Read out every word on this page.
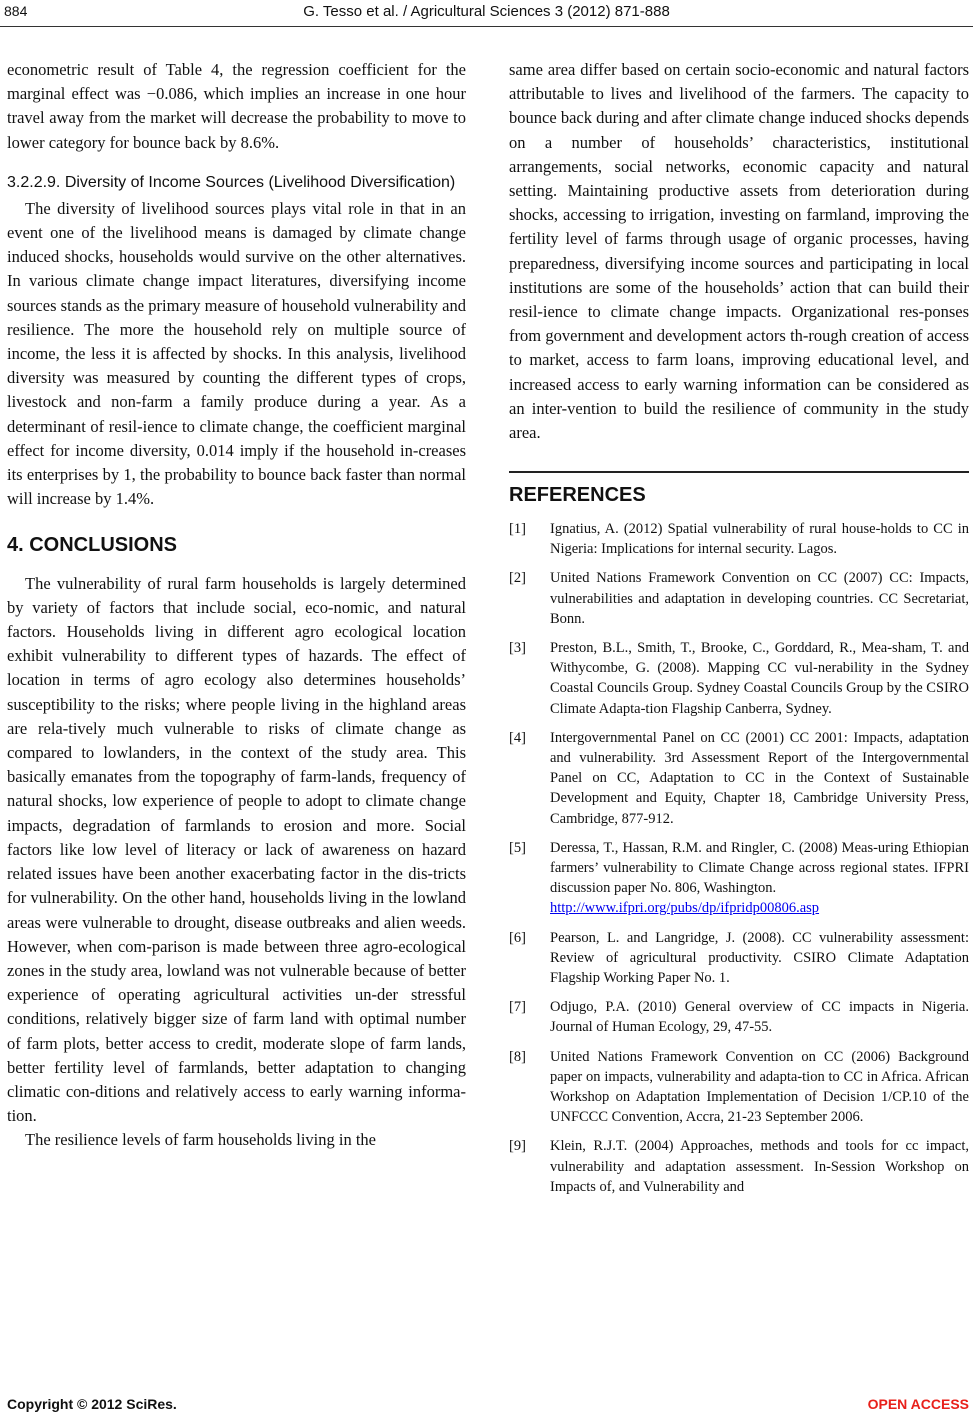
884	G. Tesso et al. / Agricultural Sciences 3 (2012) 871-888

econometric result of Table 4, the regression coefficient for the marginal effect was −0.086, which implies an increase in one hour travel away from the market will decrease the probability to move to lower category for bounce back by 8.6%.

3.2.2.9. Diversity of Income Sources (Livelihood Diversification)

The diversity of livelihood sources plays vital role in that in an event one of the livelihood means is damaged by climate change induced shocks, households would survive on the other alternatives. In various climate change impact literatures, diversifying income sources stands as the primary measure of household vulnerability and resilience. The more the household rely on multiple source of income, the less it is affected by shocks. In this analysis, livelihood diversity was measured by counting the different types of crops, livestock and non-farm a family produce during a year. As a determinant of resil-ience to climate change, the coefficient marginal effect for income diversity, 0.014 imply if the household in-creases its enterprises by 1, the probability to bounce back faster than normal will increase by 1.4%.

4. CONCLUSIONS

The vulnerability of rural farm households is largely determined by variety of factors that include social, eco-nomic, and natural factors. Households living in different agro ecological location exhibit vulnerability to different types of hazards. The effect of location in terms of agro ecology also determines households’ susceptibility to the risks; where people living in the highland areas are rela-tively much vulnerable to risks of climate change as compared to lowlanders, in the context of the study area. This basically emanates from the topography of farm-lands, frequency of natural shocks, low experience of people to adopt to climate change impacts, degradation of farmlands to erosion and more. Social factors like low level of literacy or lack of awareness on hazard related issues have been another exacerbating factor in the dis-tricts for vulnerability. On the other hand, households living in the lowland areas were vulnerable to drought, disease outbreaks and alien weeds. However, when com-parison is made between three agro-ecological zones in the study area, lowland was not vulnerable because of better experience of operating agricultural activities un-der stressful conditions, relatively bigger size of farm land with optimal number of farm plots, better access to credit, moderate slope of farm lands, better fertility level of farmlands, better adaptation to changing climatic con-ditions and relatively access to early warning informa-tion.

The resilience levels of farm households living in the

same area differ based on certain socio-economic and natural factors attributable to lives and livelihood of the farmers. The capacity to bounce back during and after climate change induced shocks depends on a number of households’ characteristics, institutional arrangements, social networks, economic capacity and natural setting. Maintaining productive assets from deterioration during shocks, accessing to irrigation, investing on farmland, improving the fertility level of farms through usage of organic processes, having preparedness, diversifying income sources and participating in local institutions are some of the households’ action that can build their resil-ience to climate change impacts. Organizational res-ponses from government and development actors th-rough creation of access to market, access to farm loans, improving educational level, and increased access to early warning information can be considered as an inter-vention to build the resilience of community in the study area.

REFERENCES
[1] Ignatius, A. (2012) Spatial vulnerability of rural house-holds to CC in Nigeria: Implications for internal security. Lagos.
[2] United Nations Framework Convention on CC (2007) CC: Impacts, vulnerabilities and adaptation in developing countries. CC Secretariat, Bonn.
[3] Preston, B.L., Smith, T., Brooke, C., Gorddard, R., Mea-sham, T. and Withycombe, G. (2008). Mapping CC vul-nerability in the Sydney Coastal Councils Group. Sydney Coastal Councils Group by the CSIRO Climate Adapta-tion Flagship Canberra, Sydney.
[4] Intergovernmental Panel on CC (2001) CC 2001: Impacts, adaptation and vulnerability. 3rd Assessment Report of the Intergovernmental Panel on CC, Adaptation to CC in the Context of Sustainable Development and Equity, Chapter 18, Cambridge University Press, Cambridge, 877-912.
[5] Deressa, T., Hassan, R.M. and Ringler, C. (2008) Meas-uring Ethiopian farmers’ vulnerability to Climate Change across regional states. IFPRI discussion paper No. 806, Washington.
http://www.ifpri.org/pubs/dp/ifpridp00806.asp
[6] Pearson, L. and Langridge, J. (2008). CC vulnerability assessment: Review of agricultural productivity. CSIRO Climate Adaptation Flagship Working Paper No. 1.
[7] Odjugo, P.A. (2010) General overview of CC impacts in Nigeria. Journal of Human Ecology, 29, 47-55.
[8] United Nations Framework Convention on CC (2006) Background paper on impacts, vulnerability and adapta-tion to CC in Africa. African Workshop on Adaptation Implementation of Decision 1/CP.10 of the UNFCCC Convention, Accra, 21-23 September 2006.
[9] Klein, R.J.T. (2004) Approaches, methods and tools for cc impact, vulnerability and adaptation assessment. In-Session Workshop on Impacts of, and Vulnerability and
Copyright © 2012 SciRes.	OPEN ACCESS
